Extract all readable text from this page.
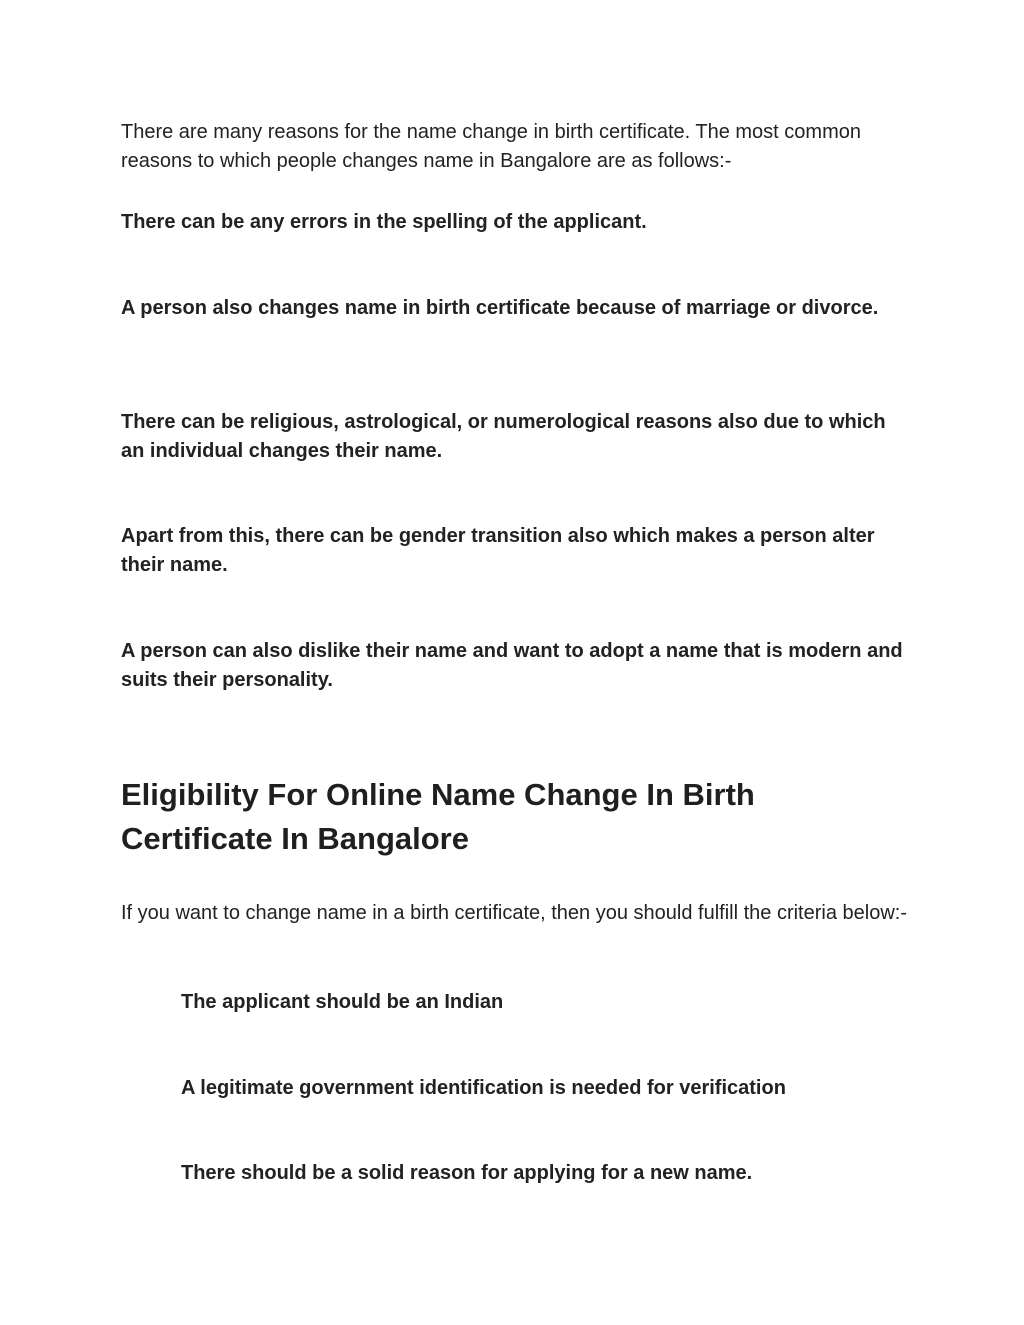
There are many reasons for the name change in birth certificate. The most common reasons to which people changes name in Bangalore are as follows:-

There can be any errors in the spelling of the applicant.

A person also changes name in birth certificate because of marriage or divorce.

There can be religious, astrological, or numerological reasons also due to which an individual changes their name.

Apart from this, there can be gender transition also which makes a person alter their name.

A person can also dislike their name and want to adopt a name that is modern and suits their personality.

Eligibility For Online Name Change In Birth Certificate In Bangalore

If you want to change name in a birth certificate, then you should fulfill the criteria below:-

The applicant should be an Indian

A legitimate government identification is needed for verification

There should be a solid reason for applying for a new name.
